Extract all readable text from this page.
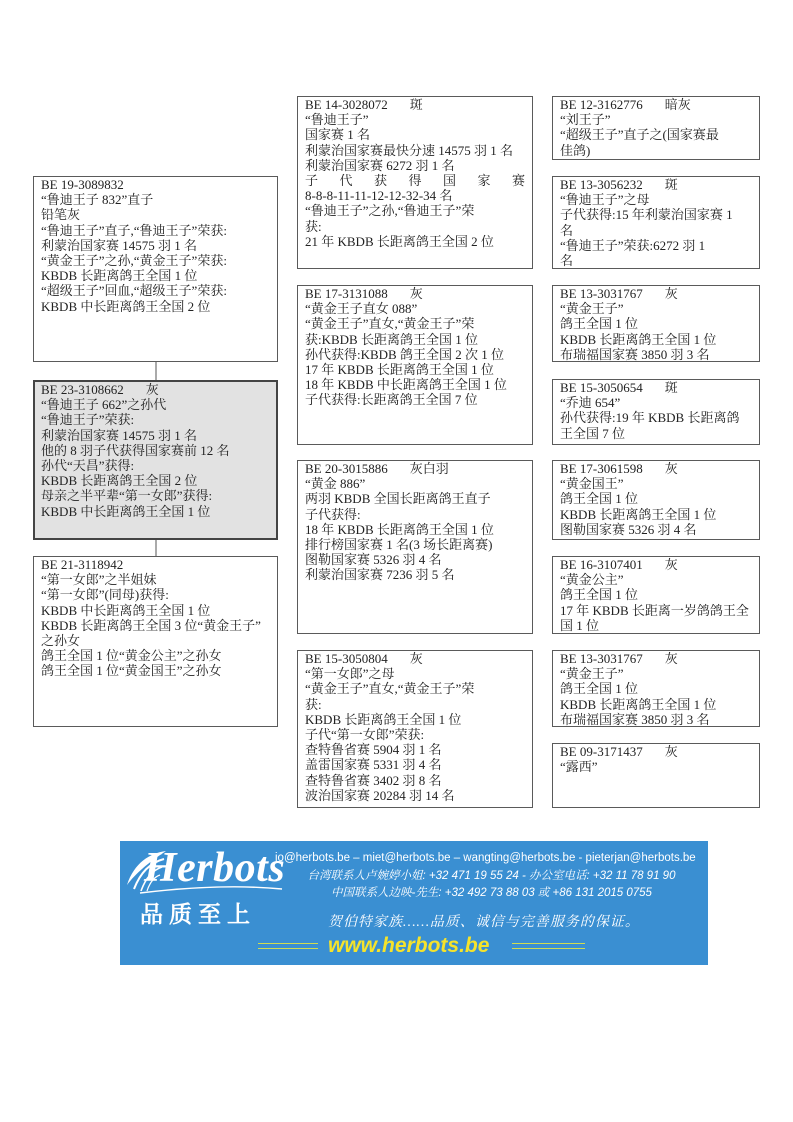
BE 19-3089832
“鲁迪王子 832”直子
铅笔灰
“鲁迪王子”直子,“鲁迪王子”荣获:
利蒙治国家赛 14575 羽 1 名
“黄金王子”之孙,“黄金王子”荣获:
KBDB 长距离鸽王全国 1 位
“超级王子”回血,“超级王子”荣获:
KBDB 中长距离鸽王全国 2 位
BE 23-3108662 灰
“鲁迪王子 662”之孙代
“鲁迪王子”荣获:
利蒙治国家赛 14575 羽 1 名
他的 8 羽子代获得国家赛前 12 名
孙代“天昌”获得:
KBDB 长距离鸽王全国 2 位
母亲之半平辈“第一女郎”获得:
KBDB 中长距离鸽王全国 1 位
BE 21-3118942
“第一女郎”之半姐妹
“第一女郎”(同母)获得:
KBDB 中长距离鸽王全国 1 位
KBDB 长距离鸽王全国 3 位“黄金王子”
之孙女
鸽王全国 1 位“黄金公主”之孙女
鸽王全国 1 位“黄金国王”之孙女
BE 14-3028072 斑
“鲁迪王子”
国家赛 1 名
利蒙治国家赛最快分速 14575 羽 1 名
利蒙治国家赛 6272 羽 1 名
子 代 获 得 国 家 赛
8-8-8-11-11-12-12-32-34 名
“鲁迪王子”之孙,“鲁迪王子”荣
获:
21 年 KBDB 长距离鸽王全国 2 位
BE 17-3131088 灰
“黄金王子直女 088”
“黄金王子”直女,“黄金王子”荣
获:KBDB 长距离鸽王全国 1 位
孙代获得:KBDB 鸽王全国 2 次 1 位
17 年 KBDB 长距离鸽王全国 1 位
18 年 KBDB 中长距离鸽王全国 1 位
子代获得:长距离鸽王全国 7 位
BE 20-3015886 灰白羽
“黄金 886”
两羽 KBDB 全国长距离鸽王直子
子代获得:
18 年 KBDB 长距离鸽王全国 1 位
排行榜国家赛 1 名(3 场长距离赛)
图勒国家赛 5326 羽 4 名
利蒙治国家赛 7236 羽 5 名
BE 15-3050804 灰
“第一女郎”之母
“黄金王子”直女,“黄金王子”荣
获:
KBDB 长距离鸽王全国 1 位
子代“第一女郎”荣获:
查特鲁省赛 5904 羽 1 名
盖雷国家赛 5331 羽 4 名
查特鲁省赛 3402 羽 8 名
波治国家赛 20284 羽 14 名
BE 12-3162776 暗灰
“刘王子”
“超级王子”直子之(国家赛最
佳鸽)
BE 13-3056232 斑
“鲁迪王子”之母
子代获得:15 年利蒙治国家赛 1
名
“鲁迪王子”荣获:6272 羽 1
名
BE 13-3031767 灰
“黄金王子”
鸽王全国 1 位
KBDB 长距离鸽王全国 1 位
布瑞福国家赛 3850 羽 3 名
BE 15-3050654 斑
“乔迪 654”
孙代获得:19 年 KBDB 长距离鸽
王全国 7 位
BE 17-3061598 灰
“黄金国王”
鸽王全国 1 位
KBDB 长距离鸽王全国 1 位
图勒国家赛 5326 羽 4 名
BE 16-3107401 灰
“黄金公主”
鸽王全国 1 位
17 年 KBDB 长距离一岁鸽鸽王全
国 1 位
BE 13-3031767 灰
“黄金王子”
鸽王全国 1 位
KBDB 长距离鸽王全国 1 位
布瑞福国家赛 3850 羽 3 名
BE 09-3171437 灰
“露西”
Herbots
品质至上
jo@herbots.be – miet@herbots.be – wangting@herbots.be - pieterjan@herbots.be
台湾联系人卢婉婷小姐: +32 471 19 55 24 - 办公室电话: +32 11 78 91 90
中国联系人边映-先生: +32 492 73 88 03 或 +86 131 2015 0755
贺伯特家族……品质、诚信与完善服务的保证。
www.herbots.be
